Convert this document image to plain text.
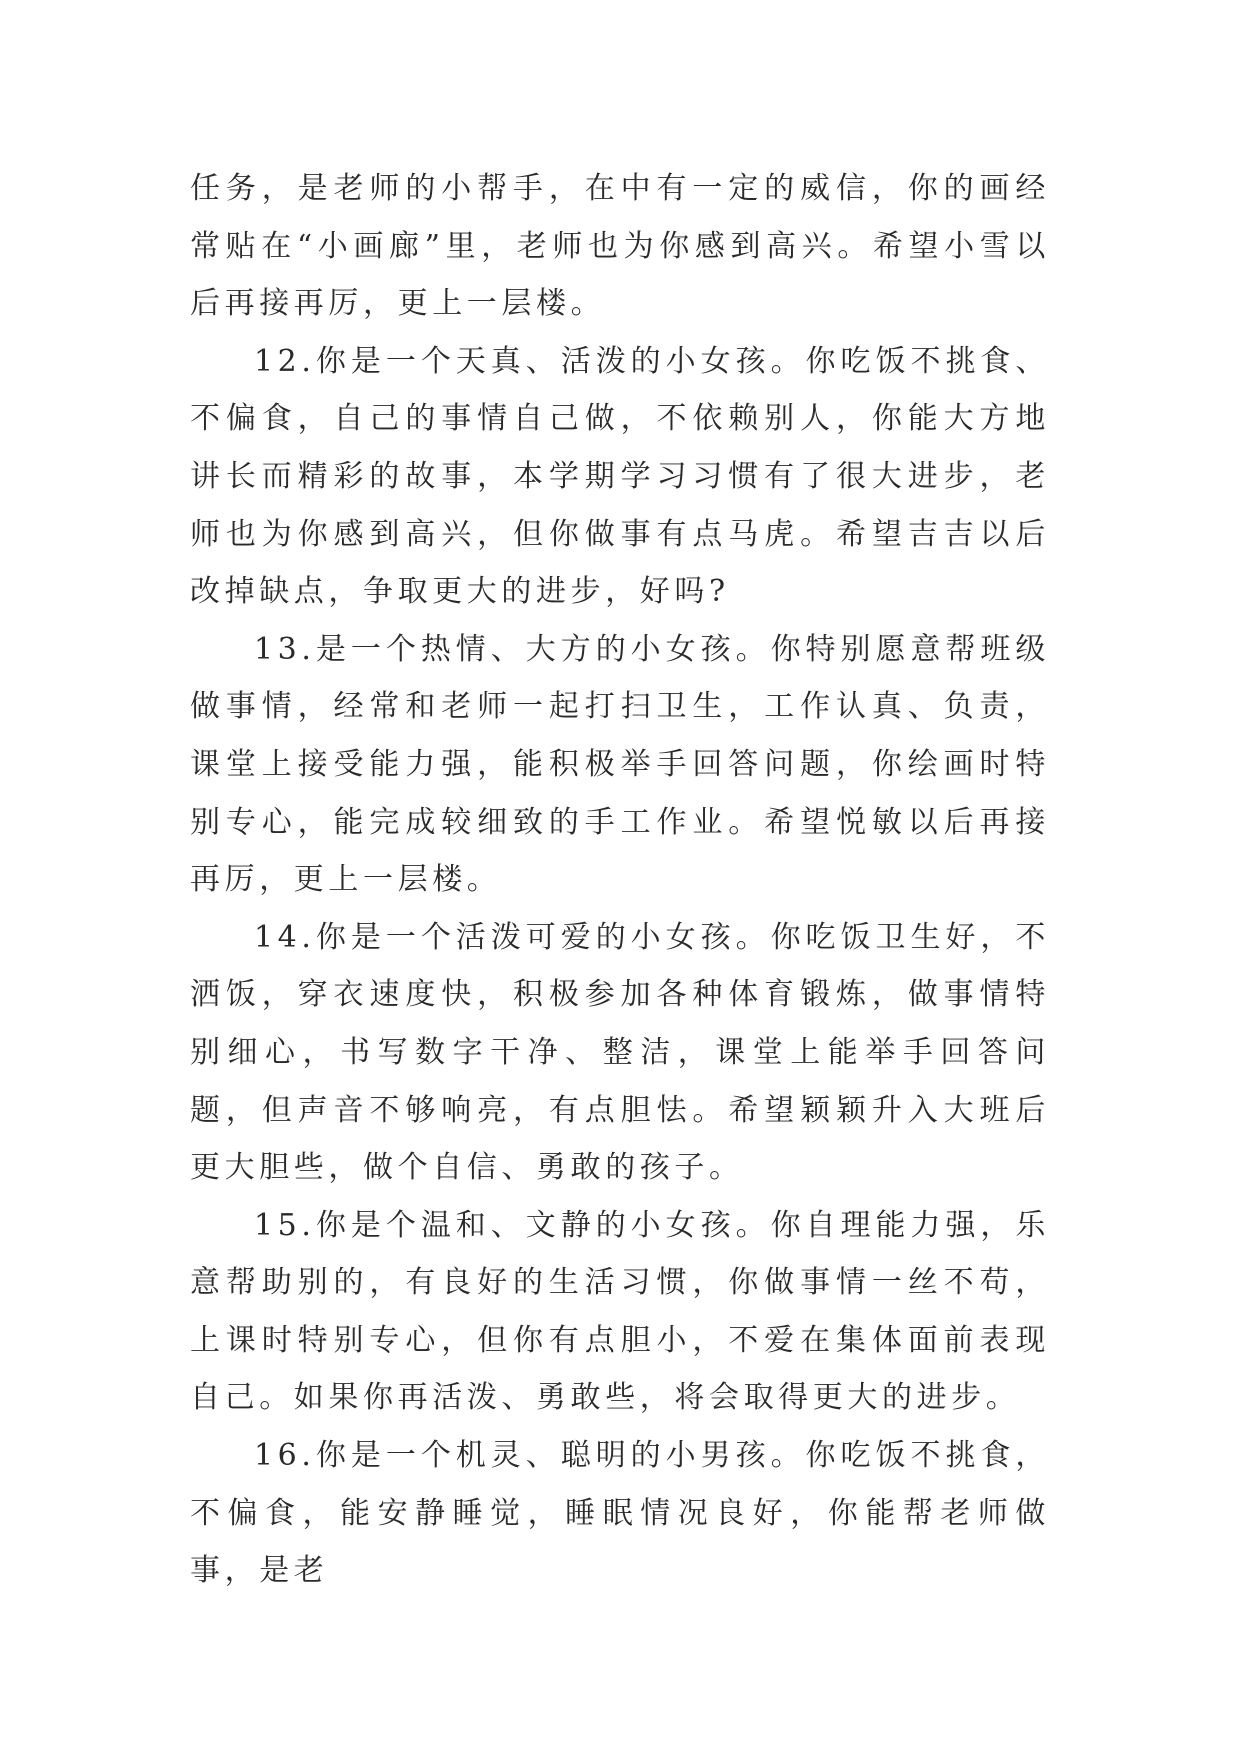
任务，是老师的小帮手，在中有一定的威信，你的画经常贴在“小画廊”里，老师也为你感到高兴。希望小雪以后再接再厉，更上一层楼。

12.你是一个天真、活泼的小女孩。你吃饭不挑食、不偏食，自己的事情自己做，不依赖别人，你能大方地讲长而精彩的故事，本学期学习习惯有了很大进步，老师也为你感到高兴，但你做事有点马虎。希望吉吉以后改掉缺点，争取更大的进步，好吗?

13.是一个热情、大方的小女孩。你特别愿意帮班级做事情，经常和老师一起打扫卫生，工作认真、负责，课堂上接受能力强，能积极举手回答问题，你绘画时特别专心，能完成较细致的手工作业。希望悦敏以后再接再厉，更上一层楼。

14.你是一个活泼可爱的小女孩。你吃饭卫生好，不洒饭，穿衣速度快，积极参加各种体育锻炼，做事情特别细心，书写数字干净、整洁，课堂上能举手回答问题，但声音不够响亮，有点胆怯。希望颖颖升入大班后更大胆些，做个自信、勇敢的孩子。

15.你是个温和、文静的小女孩。你自理能力强，乐意帮助别的，有良好的生活习惯，你做事情一丝不苟，上课时特别专心，但你有点胆小，不爱在集体面前表现自己。如果你再活泼、勇敢些，将会取得更大的进步。

16.你是一个机灵、聪明的小男孩。你吃饭不挑食，不偏食，能安静睡觉，睡眠情况良好，你能帮老师做事，是老
